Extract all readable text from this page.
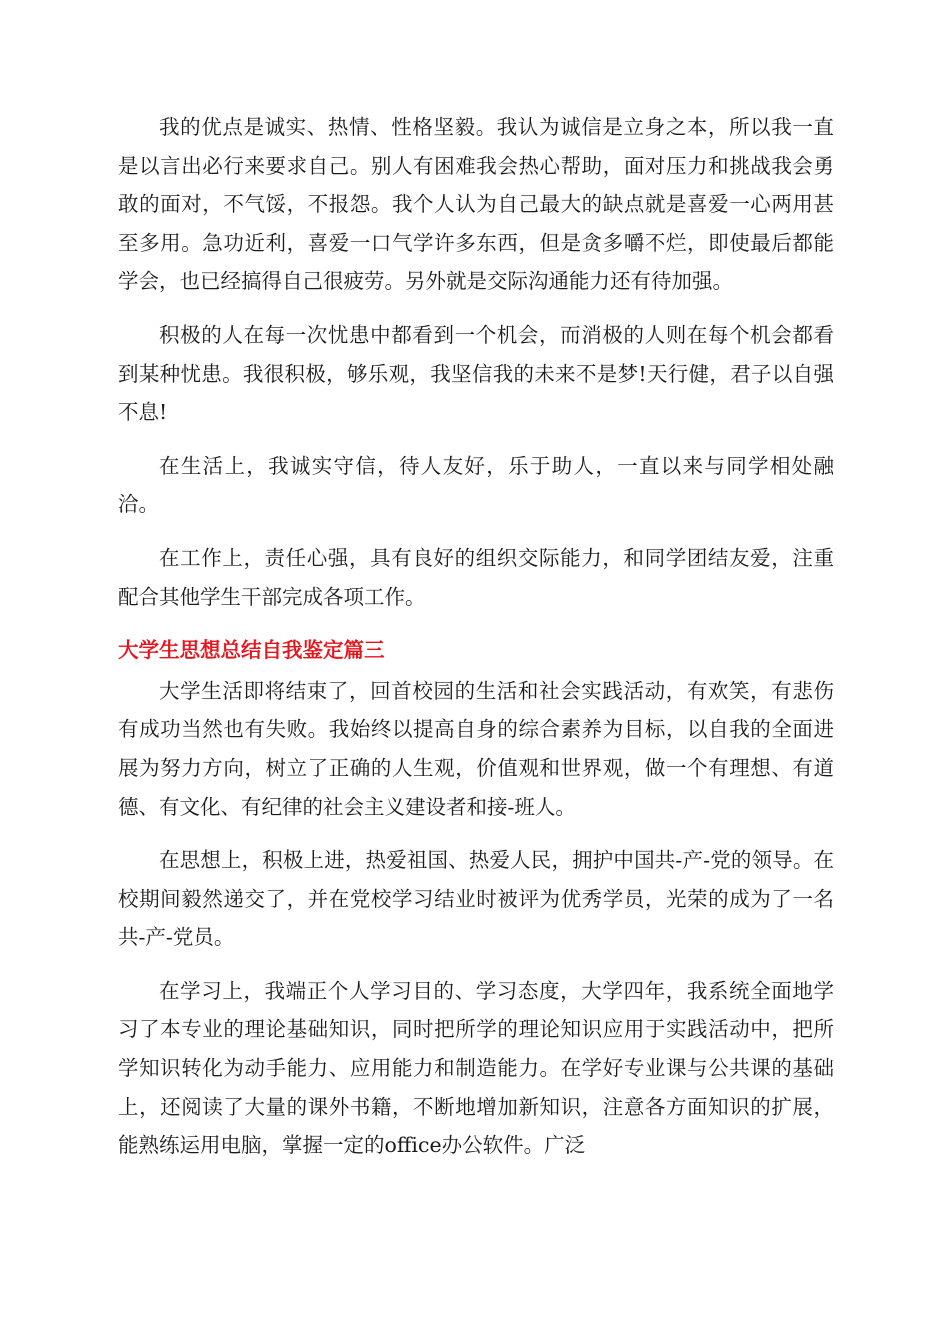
我的优点是诚实、热情、性格坚毅。我认为诚信是立身之本，所以我一直是以言出必行来要求自己。别人有困难我会热心帮助，面对压力和挑战我会勇敢的面对，不气馁，不报怨。我个人认为自己最大的缺点就是喜爱一心两用甚至多用。急功近利，喜爱一口气学许多东西，但是贪多嚼不烂，即使最后都能学会，也已经搞得自己很疲劳。另外就是交际沟通能力还有待加强。

积极的人在每一次忧患中都看到一个机会，而消极的人则在每个机会都看到某种忧患。我很积极，够乐观，我坚信我的未来不是梦!天行健，君子以自强不息!

在生活上，我诚实守信，待人友好，乐于助人，一直以来与同学相处融洽。

在工作上，责任心强，具有良好的组织交际能力，和同学团结友爱，注重配合其他学生干部完成各项工作。

大学生思想总结自我鉴定篇三

大学生活即将结束了，回首校园的生活和社会实践活动，有欢笑，有悲伤有成功当然也有失败。我始终以提高自身的综合素养为目标，以自我的全面进展为努力方向，树立了正确的人生观，价值观和世界观，做一个有理想、有道德、有文化、有纪律的社会主义建设者和接-班人。

在思想上，积极上进，热爱祖国、热爱人民，拥护中国共-产-党的领导。在校期间毅然递交了，并在党校学习结业时被评为优秀学员，光荣的成为了一名共-产-党员。

在学习上，我端正个人学习目的、学习态度，大学四年，我系统全面地学习了本专业的理论基础知识，同时把所学的理论知识应用于实践活动中，把所学知识转化为动手能力、应用能力和制造能力。在学好专业课与公共课的基础上，还阅读了大量的课外书籍，不断地增加新知识，注意各方面知识的扩展，能熟练运用电脑，掌握一定的office办公软件。广泛
